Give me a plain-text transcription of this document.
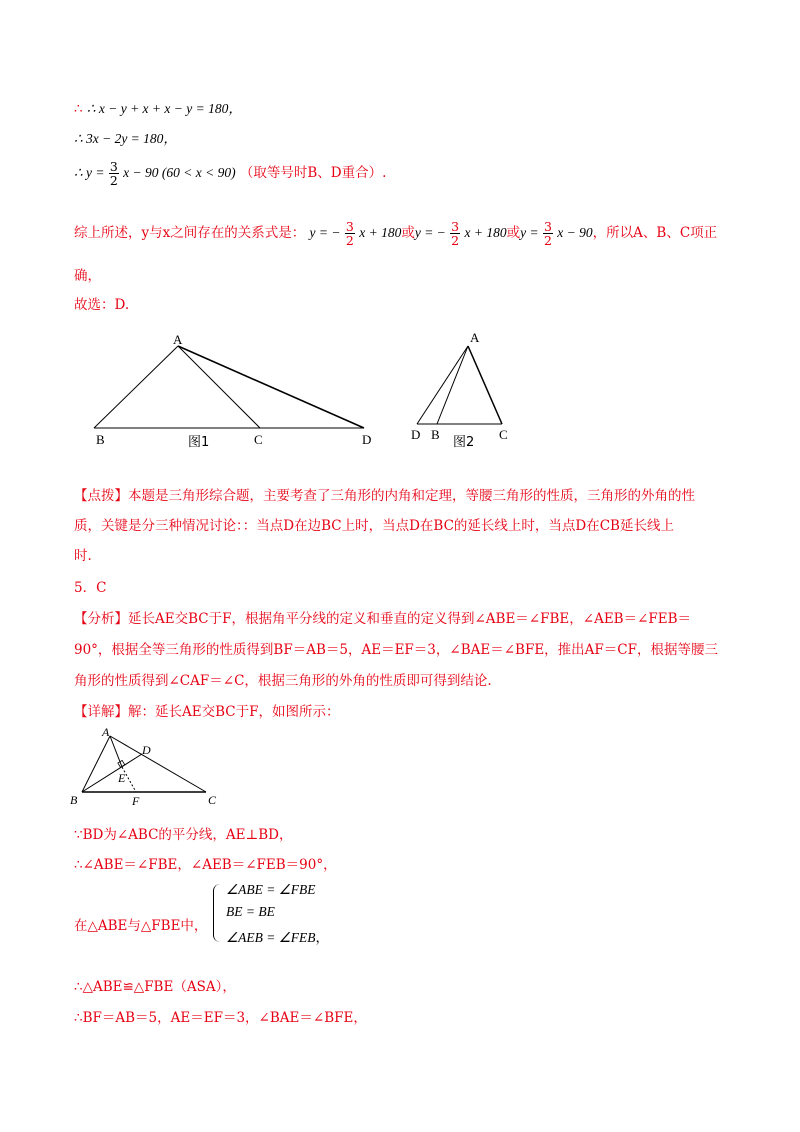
∴ ∴ x − y + x + x − y = 180，
∴ 3x − 2y = 180，
∴ $y = \frac{3}{2}$ x − 90 (60 < x < 90) （取等号时B、D重合）.
综上所述，y与x之间存在的关系式是： y = − $\frac{3}{2}$ x + 180或y = − $\frac{3}{2}$ x + 180或$y = \frac{3}{2}$ x − 90，所以A、B、C项正
确，
故选：D.
A
B	C	D
图1
A
D B	C
图2
【点拨】本题是三角形综合题，主要考查了三角形的内角和定理，等腰三角形的性质，三角形的外角的性
质，关键是分三种情况讨论：：当点D在边BC上时，当点D在BC的延长线上时，当点D在CB延长线上
时.
5．C
【分析】延长AE交BC于F，根据角平分线的定义和垂直的定义得到∠ABE＝∠FBE，∠AEB＝∠FEB＝
90°，根据全等三角形的性质得到BF＝AB＝5，AE＝EF＝3，∠BAE＝∠BFE，推出AF＝CF，根据等腰三
角形的性质得到∠CAF＝∠C，根据三角形的外角的性质即可得到结论.
【详解】解：延长AE交BC于F，如图所示：
A
B	C
D
E
F
∵BD为∠ABC的平分线，AE⊥BD，
∴∠ABE＝∠FBE，∠AEB＝∠FEB＝90°，
在△ABE与△FBE中，
∠ABE = ∠FBE
BE = BE
∠AEB = ∠FEB，
∴△ABE≌△FBE（ASA），
∴BF＝AB＝5，AE＝EF＝3，∠BAE＝∠BFE，
